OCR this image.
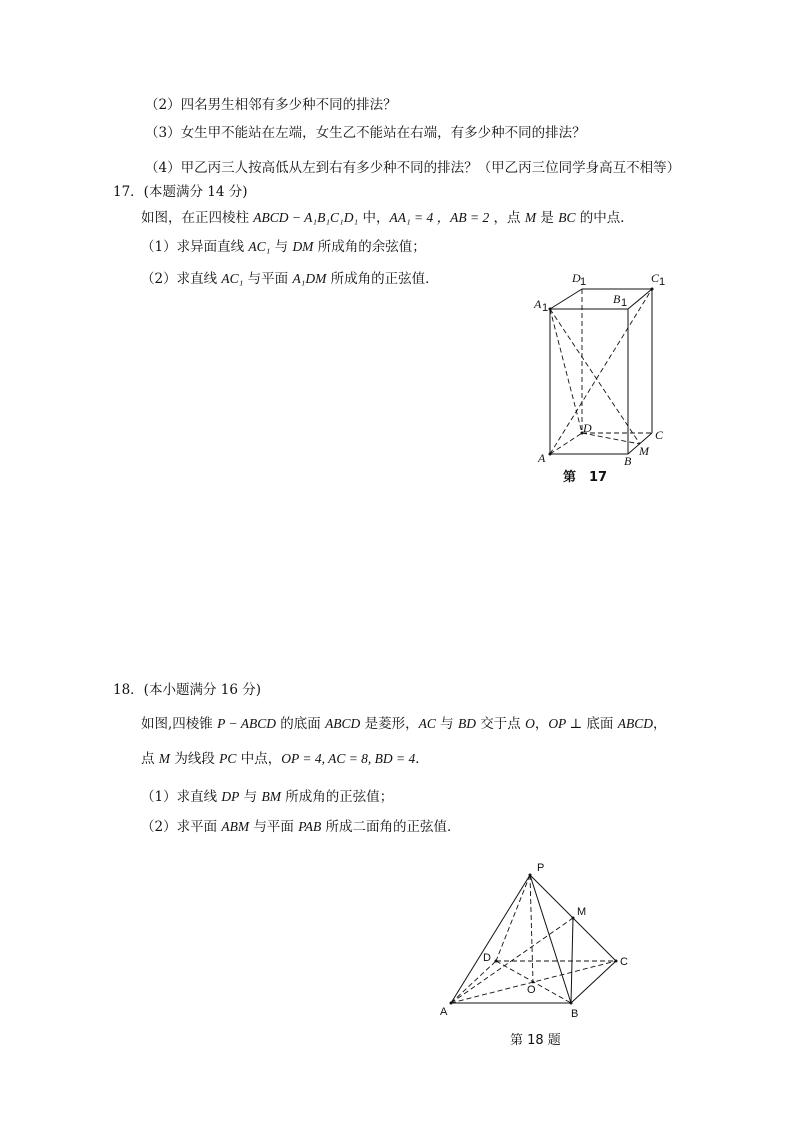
（2）四名男生相邻有多少种不同的排法？
（3）女生甲不能站在左端，女生乙不能站在右端，有多少种不同的排法？
（4）甲乙丙三人按高低从左到右有多少种不同的排法？（甲乙丙三位同学身高互不相等）
17．(本题满分 14 分)
如图，在正四棱柱 ABCD − A₁B₁C₁D₁ 中，AA₁ = 4 ，AB = 2 ，点 M 是 BC 的中点．
（1）求异面直线 AC₁ 与 DM 所成角的余弦值；
（2）求直线 AC₁ 与平面 A₁DM 所成角的正弦值．	D 1	C 1
A 1
B 1
D	C
M
B
A
第　17
18．(本小题满分 16 分)
如图,四棱锥 P − ABCD 的底面 ABCD 是菱形，AC 与 BD 交于点 O，OP ⊥ 底面 ABCD，
点 M 为线段 PC 中点，OP = 4, AC = 8, BD = 4．
（1）求直线 DP 与 BM 所成角的正弦值；
（2）求平面 ABM 与平面 PAB 所成二面角的正弦值．
P
M
D	C
O
A	B
第 18 题
